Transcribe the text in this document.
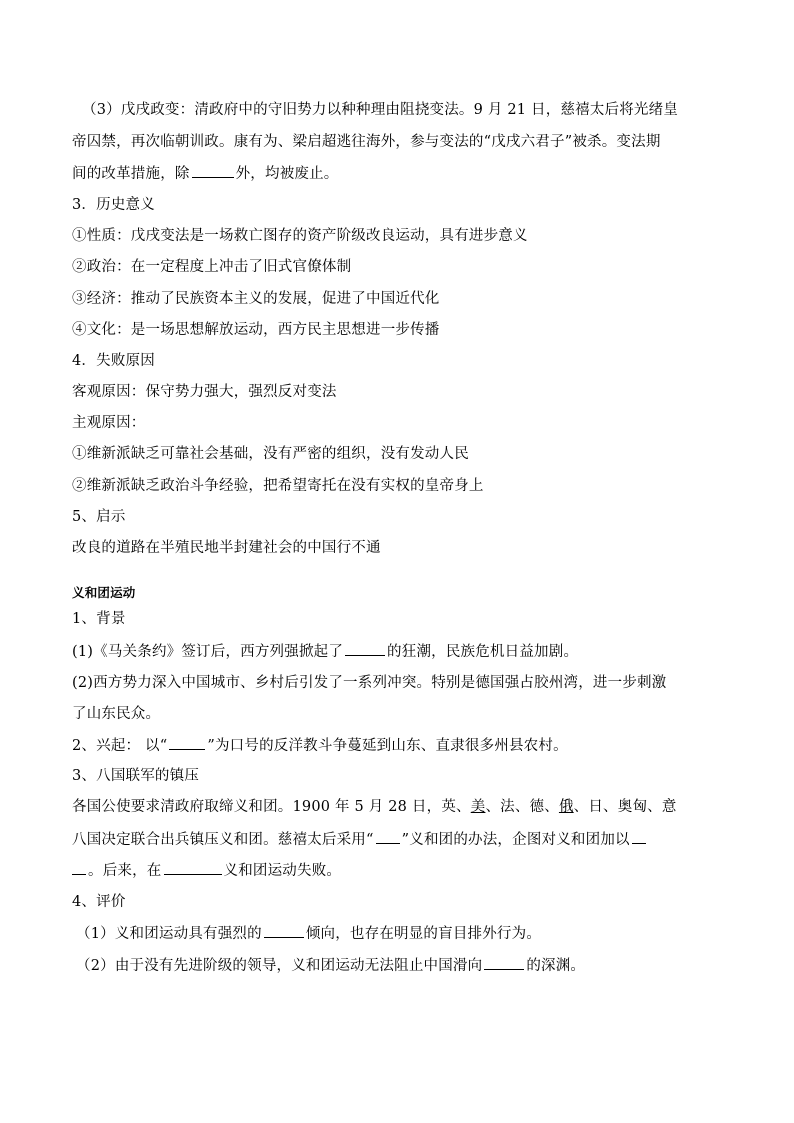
（3）戊戌政变：清政府中的守旧势力以种种理由阻挠变法。9 月 21 日，慈禧太后将光绪皇
帝囚禁，再次临朝训政。康有为、梁启超逃往海外，参与变法的“戊戌六君子”被杀。变法期
间的改革措施，除	外，均被废止。
3．历史意义
①性质：戊戌变法是一场救亡图存的资产阶级改良运动，具有进步意义
②政治：在一定程度上冲击了旧式官僚体制
③经济：推动了民族资本主义的发展，促进了中国近代化
④文化：是一场思想解放运动，西方民主思想进一步传播
4．失败原因
客观原因：保守势力强大，强烈反对变法
主观原因：
①维新派缺乏可靠社会基础，没有严密的组织，没有发动人民
②维新派缺乏政治斗争经验，把希望寄托在没有实权的皇帝身上
5、启示
改良的道路在半殖民地半封建社会的中国行不通
义和团运动
1、背景
(1)《马关条约》签订后，西方列强掀起了	的狂潮，民族危机日益加剧。
(2)西方势力深入中国城市、乡村后引发了一系列冲突。特别是德国强占胶州湾，进一步刺激
了山东民众。
2、兴起： 以“	”为口号的反洋教斗争蔓延到山东、直隶很多州县农村。
3、八国联军的镇压
各国公使要求清政府取缔义和团。1900 年 5 月 28 日，英、美、法、德、俄、日、奥匈、意
八国决定联合出兵镇压义和团。慈禧太后采用“ ”义和团的办法，企图对义和团加以
。后来，在	义和团运动失败。
4、评价
（1）义和团运动具有强烈的	倾向，也存在明显的盲目排外行为。
（2）由于没有先进阶级的领导，义和团运动无法阻止中国滑向	的深渊。
